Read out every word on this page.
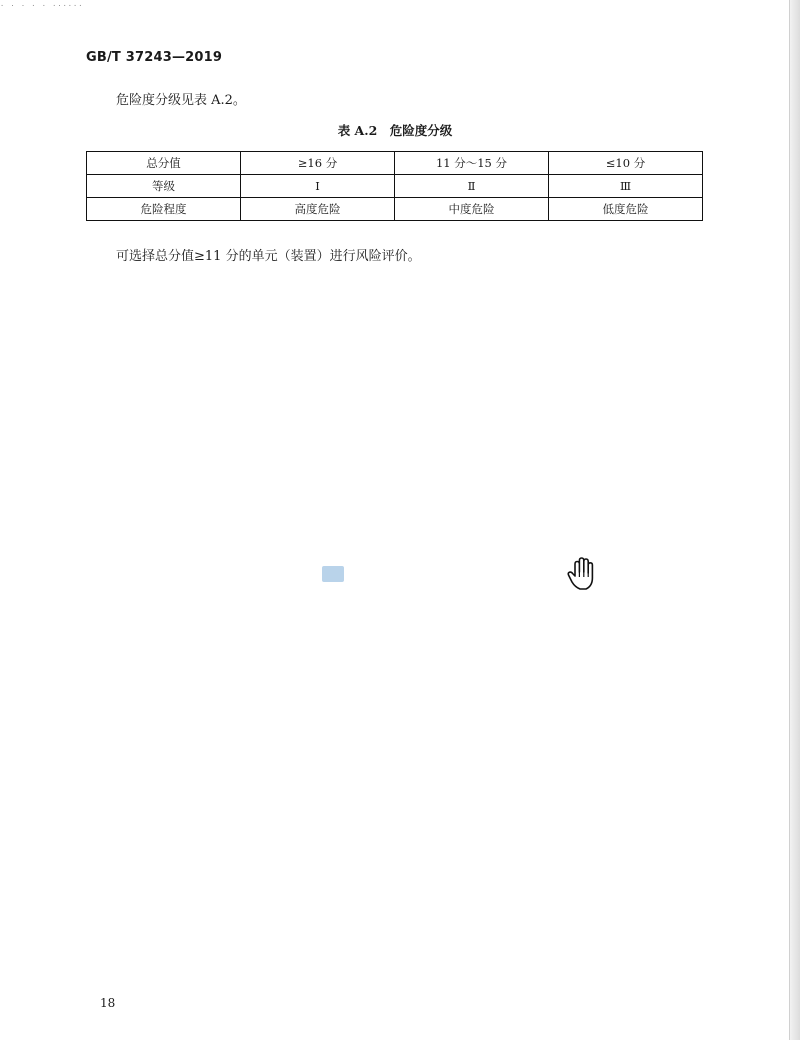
. . . . . ......
GB/T 37243—2019
危险度分级见表 A.2。
表 A.2　危险度分级
总分值	≥16 分	11 分～15 分	≤10 分
等级	Ⅰ	Ⅱ	Ⅲ
危险程度	高度危险	中度危险	低度危险
可选择总分值≥11 分的单元（装置）进行风险评价。
18
